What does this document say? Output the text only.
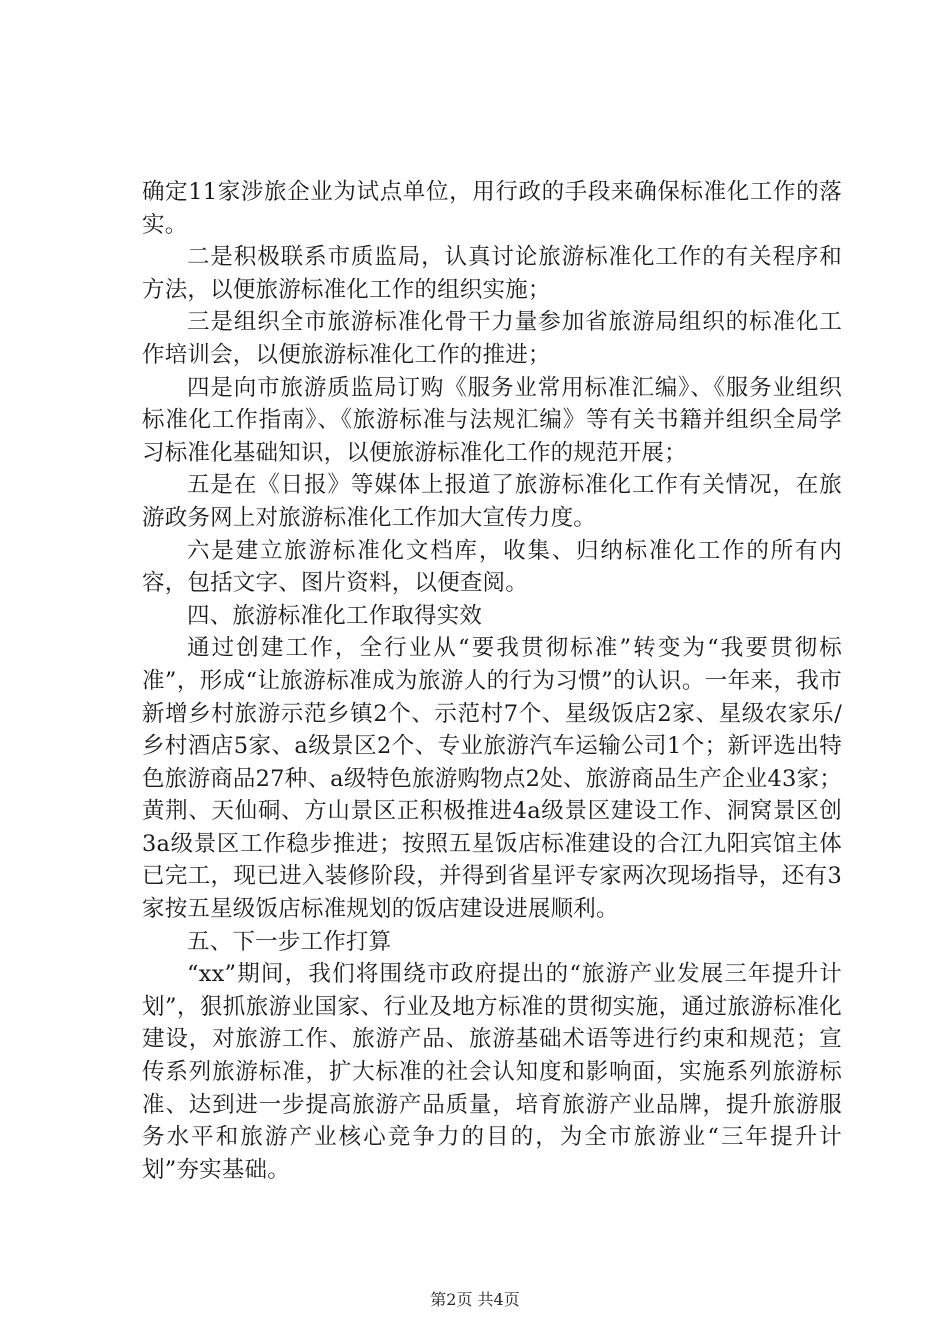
确定11家涉旅企业为试点单位，用行政的手段来确保标准化工作的落实。

二是积极联系市质监局，认真讨论旅游标准化工作的有关程序和方法，以便旅游标准化工作的组织实施；

三是组织全市旅游标准化骨干力量参加省旅游局组织的标准化工作培训会，以便旅游标准化工作的推进；

四是向市旅游质监局订购《服务业常用标准汇编》、《服务业组织标准化工作指南》、《旅游标准与法规汇编》等有关书籍并组织全局学习标准化基础知识，以便旅游标准化工作的规范开展；

五是在《日报》等媒体上报道了旅游标准化工作有关情况，在旅游政务网上对旅游标准化工作加大宣传力度。

六是建立旅游标准化文档库，收集、归纳标准化工作的所有内容，包括文字、图片资料，以便查阅。

四、旅游标准化工作取得实效

通过创建工作，全行业从“要我贯彻标准”转变为“我要贯彻标准”，形成“让旅游标准成为旅游人的行为习惯”的认识。一年来，我市新增乡村旅游示范乡镇2个、示范村7个、星级饭店2家、星级农家乐/乡村酒店5家、a级景区2个、专业旅游汽车运输公司1个；新评选出特色旅游商品27种、a级特色旅游购物点2处、旅游商品生产企业43家；黄荆、天仙硐、方山景区正积极推进4a级景区建设工作、洞窝景区创3a级景区工作稳步推进；按照五星饭店标准建设的合江九阳宾馆主体已完工，现已进入装修阶段，并得到省星评专家两次现场指导，还有3家按五星级饭店标准规划的饭店建设进展顺利。

五、下一步工作打算

“xx”期间，我们将围绕市政府提出的“旅游产业发展三年提升计划”，狠抓旅游业国家、行业及地方标准的贯彻实施，通过旅游标准化建设，对旅游工作、旅游产品、旅游基础术语等进行约束和规范；宣传系列旅游标准，扩大标准的社会认知度和影响面，实施系列旅游标准、达到进一步提高旅游产品质量，培育旅游产业品牌，提升旅游服务水平和旅游产业核心竞争力的目的，为全市旅游业“三年提升计划”夯实基础。

第2页 共4页
